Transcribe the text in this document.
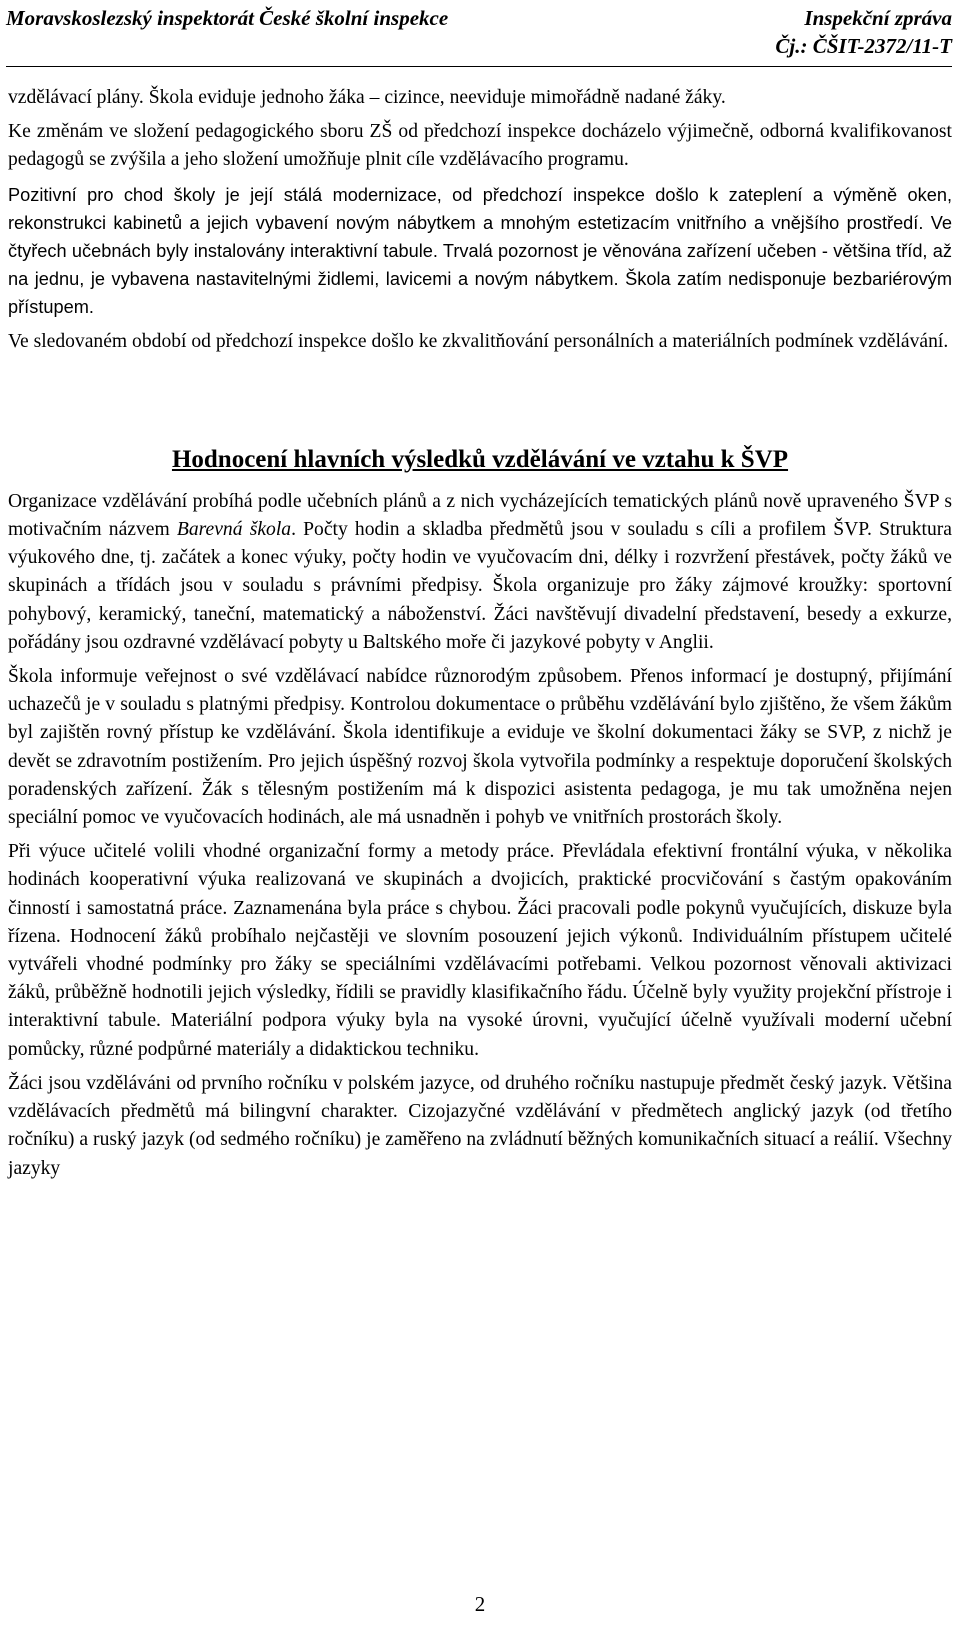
Moravskoslezský inspektorát České školní inspekce	Inspekční zpráva
Čj.: ČŠIT-2372/11-T

vzdělávací plány. Škola eviduje jednoho žáka – cizince, neeviduje mimořádně nadané žáky.

Ke změnám ve složení pedagogického sboru ZŠ od předchozí inspekce docházelo výjimečně, odborná kvalifikovanost pedagogů se zvýšila a jeho složení umožňuje plnit cíle vzdělávacího programu.

Pozitivní pro chod školy je její stálá modernizace, od předchozí inspekce došlo k zateplení a výměně oken, rekonstrukci kabinetů a jejich vybavení novým nábytkem a mnohým estetizacím vnitřního a vnějšího prostředí. Ve čtyřech učebnách byly instalovány interaktivní tabule. Trvalá pozornost je věnována zařízení učeben - většina tříd, až na jednu, je vybavena nastavitelnými židlemi, lavicemi a novým nábytkem. Škola zatím nedisponuje bezbariérovým přístupem.

Ve sledovaném období od předchozí inspekce došlo ke zkvalitňování personálních a materiálních podmínek vzdělávání.

Hodnocení hlavních výsledků vzdělávání ve vztahu k ŠVP

Organizace vzdělávání probíhá podle učebních plánů a z nich vycházejících tematických plánů nově upraveného ŠVP s motivačním názvem Barevná škola. Počty hodin a skladba předmětů jsou v souladu s cíli a profilem ŠVP. Struktura výukového dne, tj. začátek a konec výuky, počty hodin ve vyučovacím dni, délky i rozvržení přestávek, počty žáků ve skupinách a třídách jsou v souladu s právními předpisy. Škola organizuje pro žáky zájmové kroužky: sportovní pohybový, keramický, taneční, matematický a náboženství. Žáci navštěvují divadelní představení, besedy a exkurze, pořádány jsou ozdravné vzdělávací pobyty u Baltského moře či jazykové pobyty v Anglii.

Škola informuje veřejnost o své vzdělávací nabídce různorodým způsobem. Přenos informací je dostupný, přijímání uchazečů je v souladu s platnými předpisy. Kontrolou dokumentace o průběhu vzdělávání bylo zjištěno, že všem žákům byl zajištěn rovný přístup ke vzdělávání. Škola identifikuje a eviduje ve školní dokumentaci žáky se SVP, z nichž je devět se zdravotním postižením. Pro jejich úspěšný rozvoj škola vytvořila podmínky a respektuje doporučení školských poradenských zařízení. Žák s tělesným postižením má k dispozici asistenta pedagoga, je mu tak umožněna nejen speciální pomoc ve vyučovacích hodinách, ale má usnadněn i pohyb ve vnitřních prostorách školy.

Při výuce učitelé volili vhodné organizační formy a metody práce. Převládala efektivní frontální výuka, v několika hodinách kooperativní výuka realizovaná ve skupinách a dvojicích, praktické procvičování s častým opakováním činností i samostatná práce. Zaznamenána byla práce s chybou. Žáci pracovali podle pokynů vyučujících, diskuze byla řízena. Hodnocení žáků probíhalo nejčastěji ve slovním posouzení jejich výkonů. Individuálním přístupem učitelé vytvářeli vhodné podmínky pro žáky se speciálními vzdělávacími potřebami. Velkou pozornost věnovali aktivizaci žáků, průběžně hodnotili jejich výsledky, řídili se pravidly klasifikačního řádu. Účelně byly využity projekční přístroje i interaktivní tabule. Materiální podpora výuky byla na vysoké úrovni, vyučující účelně využívali moderní učební pomůcky, různé podpůrné materiály a didaktickou techniku.

Žáci jsou vzděláváni od prvního ročníku v polském jazyce, od druhého ročníku nastupuje předmět český jazyk. Většina vzdělávacích předmětů má bilingvní charakter. Cizojazyčné vzdělávání v předmětech anglický jazyk (od třetího ročníku) a ruský jazyk (od sedmého ročníku) je zaměřeno na zvládnutí běžných komunikačních situací a reálií. Všechny jazyky

2
